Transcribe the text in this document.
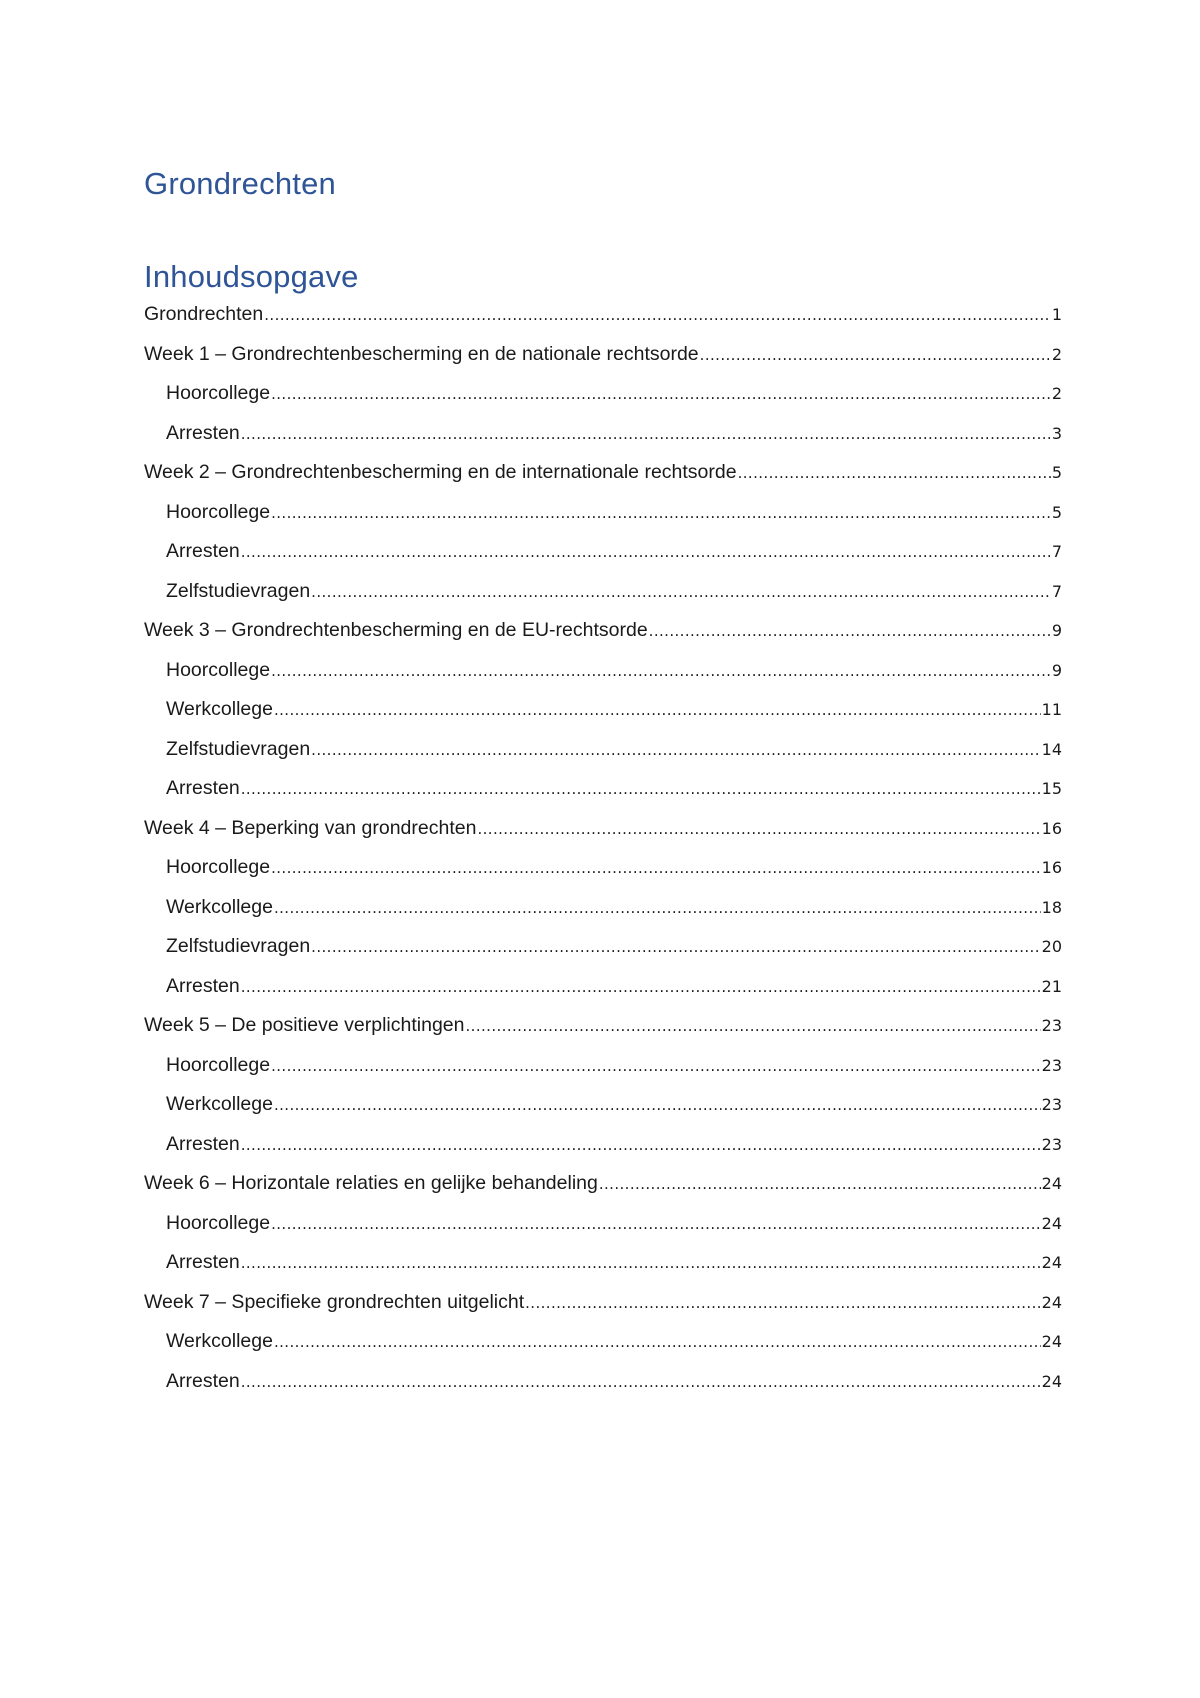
Grondrechten
Inhoudsopgave
Grondrechten .....	1
Week 1 – Grondrechtenbescherming en de nationale rechtsorde .....	2
Hoorcollege .....	2
Arresten .....	3
Week 2 – Grondrechtenbescherming en de internationale rechtsorde .....	5
Hoorcollege .....	5
Arresten .....	7
Zelfstudievragen .....	7
Week 3 – Grondrechtenbescherming en de EU-rechtsorde .....	9
Hoorcollege .....	9
Werkcollege .....	11
Zelfstudievragen .....	14
Arresten .....	15
Week 4 – Beperking van grondrechten .....	16
Hoorcollege .....	16
Werkcollege .....	18
Zelfstudievragen .....	20
Arresten .....	21
Week 5 – De positieve verplichtingen .....	23
Hoorcollege .....	23
Werkcollege .....	23
Arresten .....	23
Week 6 – Horizontale relaties en gelijke behandeling .....	24
Hoorcollege .....	24
Arresten .....	24
Week 7 – Specifieke grondrechten uitgelicht .....	24
Werkcollege .....	24
Arresten .....	24
